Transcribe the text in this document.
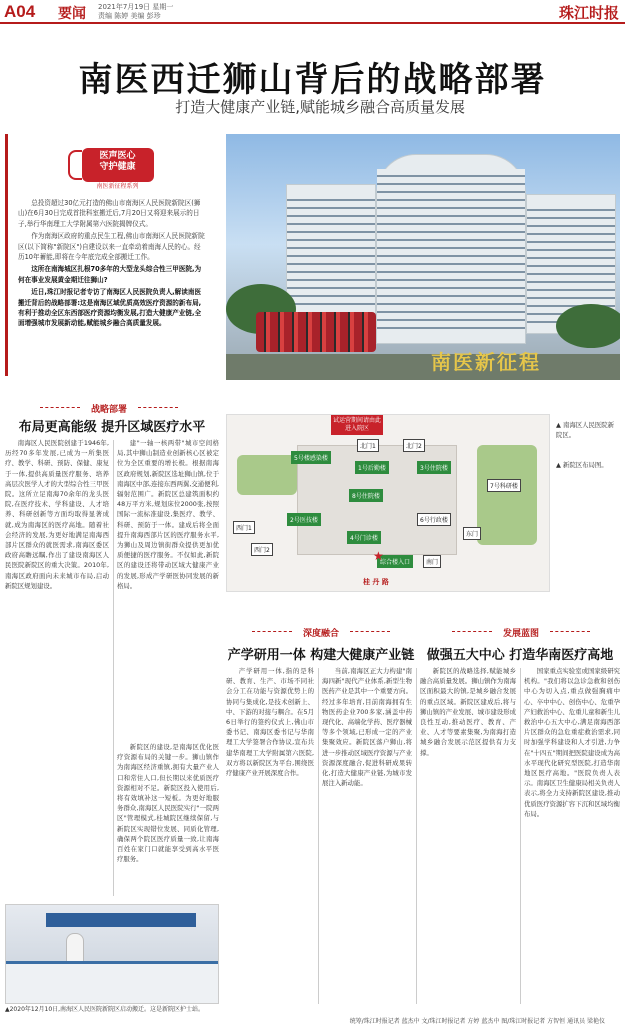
A04 要闻 2021年7月19日 星期一
责编 陈婷 美编 彭珍	珠江时报
南医西迁狮山背后的战略部署
打造大健康产业链,赋能城乡融合高质量发展
医声医心
守护健康
南医新征程系列

总投资超过30亿元打造的佛山市南海区人民医院新院区(狮山)在6月30日完成首批科室搬迁后,7月20日又将迎来展示的日子,举行华南理工大学附属第六医院揭牌仪式。

作为南海区政府的重点民生工程,佛山市南海区人民医院新院区(以下简称"新院区")自建设以来一直牵动着南海人民的心。经历10年蓄能,即将在今年底完成全部搬迁工作。

这所在南海城区扎根70多年的大型龙头综合性三甲医院,为何在事业发展黄金期迁往狮山?

近日,珠江时报记者专访了南海区人民医院负责人,解读南医搬迁背后的战略部署:这是南海区域优质高效医疗资源的新布局,有利于推动全区东西部医疗资源均衡发展,打造大健康产业链,全面增强城市发展新动能,赋能城乡融合高质量发展。

南医新征程
战略部署
布局更高能级 提升区域医疗水平

南海区人民医院创建于1946年,历经70多年发展,已成为一所集医疗、教学、科研、预防、保健、康复于一体,提供高质量医疗服务、培养高层次医学人才的大型综合性三甲医院。这所立足南海70余年的龙头医院,在医疗技术、学科建设、人才培养、科研创新等方面均取得显著成就,成为南海区的医疗高地。随着社会经济的发展,为更好地满足南海西部片区群众的就医需求,南海区委区政府高瞻远瞩,作出了建设南海区人民医院新院区的重大决策。2010年,南海区政府面向未来城市布局,启动新院区规划建设。

建"一轴一核两带"城市空间格局,其中狮山制造业创新核心区被定位为全区重要的增长极。根据南海区政府规划,新院区选址狮山镇,位于南海区中部,连接东西两翼,交通便利,辐射范围广。新院区总建筑面积约48万平方米,规划床位2000张,按照国际一流标准建设,集医疗、教学、科研、预防于一体。建成后将全面提升南海西部片区的医疗服务水平,为狮山及周边镇街群众提供更加优质便捷的医疗服务。不仅如此,新院区的建设还将带动区域大健康产业的发展,形成产学研医协同发展的新格局。

新院区的建设,是南海区优化医疗资源布局的关键一步。狮山镇作为南海区经济重镇,拥有大量产业人口和常住人口,但长期以来优质医疗资源相对不足。新院区投入使用后,将有效填补这一短板。为更好地服务群众,南海区人民医院实行"一院两区"管理模式,桂城院区继续保留,与新院区实现错位发展、同质化管理,确保两个院区医疗质量一致,让南海百姓在家门口就能享受到高水平医疗服务。

试运营期间请由此进入院区
北门1	北门2
5号楼感染楼
1号后勤楼	3号住院楼
8号住院楼
2号医技楼
4号门诊楼
西门1
西门2
东门
南门
综合楼入口
6号行政楼
7号科研楼
★
桂 丹 路
▲ 南海区人民医院新院区。
▲ 新院区布局图。
深度融合
产学研用一体 构建大健康产业链

产学研用一体,指的是科研、教育、生产、市场不同社会分工在功能与资源优势上的协同与集成化,是技术创新上、中、下游的对接与耦合。在5月6日举行的签约仪式上,佛山市委书记、南海区委书记与华南理工大学签署合作协议,宣布共建华南理工大学附属第六医院,双方将以新院区为平台,围绕医疗健康产业开展深度合作。

当前,南海区正大力构建"南海四新"现代产业体系,新型生物医药产业是其中一个重要方向。经过多年培育,目前南海拥有生物医药企业700多家,涵盖中药现代化、高端化学药、医疗器械等多个领域,已形成一定的产业集聚效应。新院区落户狮山,将进一步推动区域医疗资源与产业资源深度融合,促进科研成果转化,打造大健康产业链,为城市发展注入新动能。

发展蓝图
做强五大中心 打造华南医疗高地

新院区的战略选择,赋能城乡融合高质量发展。狮山镇作为南海区面积最大的镇,是城乡融合发展的重点区域。新院区建成后,将与狮山镇的产业发展、城市建设形成良性互动,推动医疗、教育、产业、人才等要素集聚,为南海打造城乡融合发展示范区提供有力支撑。

国家重点实验室或国家级研究机构。"我们将以急诊急救和创伤中心为切入点,重点做强胸痛中心、卒中中心、创伤中心、危重孕产妇救治中心、危重儿童和新生儿救治中心五大中心,满足南海西部片区群众的急危重症救治需求,同时加强学科建设和人才引进,力争在"十四五"期间把医院建设成为高水平现代化研究型医院,打造华南地区医疗高地。"医院负责人表示。南海区卫生健康局相关负责人表示,将全力支持新院区建设,推动优质医疗资源扩容下沉和区域均衡布局。

▲2020年12月10日,南海区人民医院新院区启动搬迁。这是新院区护士站。
统筹/珠江时报记者 蓝杰中 文/珠江时报记者 方婷 蓝杰中 图/珠江时报记者 方智恒 通讯员 梁艳仪
